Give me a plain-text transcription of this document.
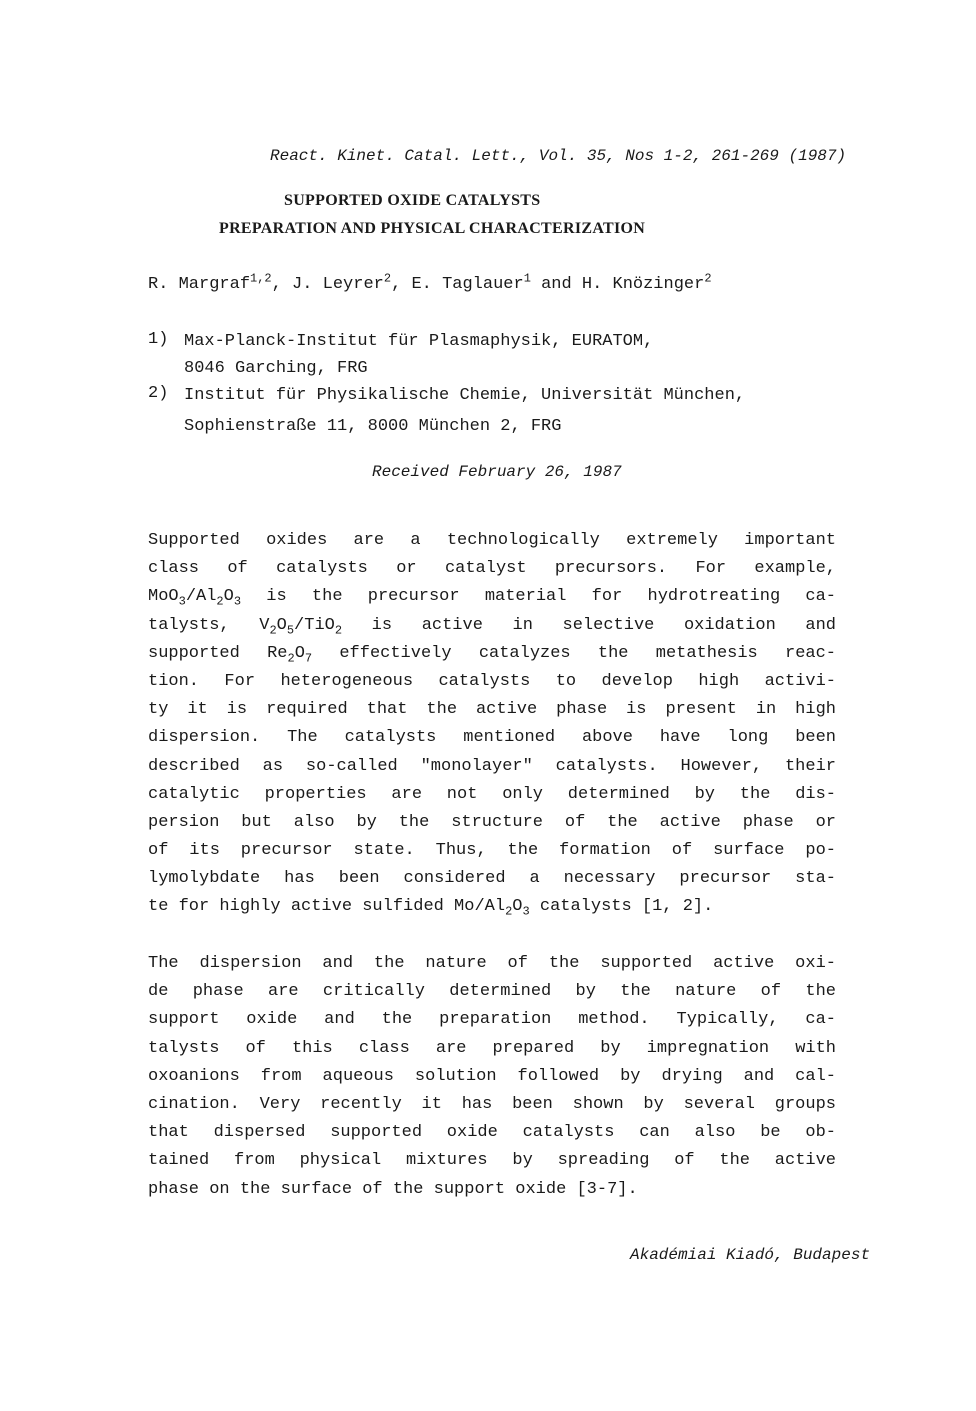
React. Kinet. Catal. Lett., Vol. 35, Nos 1-2, 261-269 (1987)
SUPPORTED OXIDE CATALYSTS
PREPARATION AND PHYSICAL CHARACTERIZATION
R. Margraf$^{1,2}$, J. Leyrer$^2$, E. Taglauer$^1$ and H. Knözinger$^2$
1) Max-Planck-Institut für Plasmaphysik, EURATOM,
8046 Garching, FRG
2) Institut für Physikalische Chemie, Universität München,
Sophienstraße 11, 8000 München 2, FRG
Received February 26, 1987
Supported oxides are a technologically extremely important
class of catalysts or catalyst precursors. For example,
$MoO_3/Al_2O_3$ is the precursor material for hydrotreating ca-
talysts, $V_2O_5/TiO_2$ is active in selective oxidation and
supported $Re_2O_7$ effectively catalyzes the metathesis reac-
tion. For heterogeneous catalysts to develop high activi-
ty it is required that the active phase is present in high
dispersion. The catalysts mentioned above have long been
described as so-called "monolayer" catalysts. However, their
catalytic properties are not only determined by the dis-
persion but also by the structure of the active phase or
of its precursor state. Thus, the formation of surface po-
lymolybdate has been considered a necessary precursor sta-
te for highly active sulfided $Mo/Al_2O_3$ catalysts [1, 2].
The dispersion and the nature of the supported active oxi-
de phase are critically determined by the nature of the
support oxide and the preparation method. Typically, ca-
talysts of this class are prepared by impregnation with
oxoanions from aqueous solution followed by drying and cal-
cination. Very recently it has been shown by several groups
that dispersed supported oxide catalysts can also be ob-
tained from physical mixtures by spreading of the active
phase on the surface of the support oxide [3-7].
Akadémiai Kiadó, Budapest
